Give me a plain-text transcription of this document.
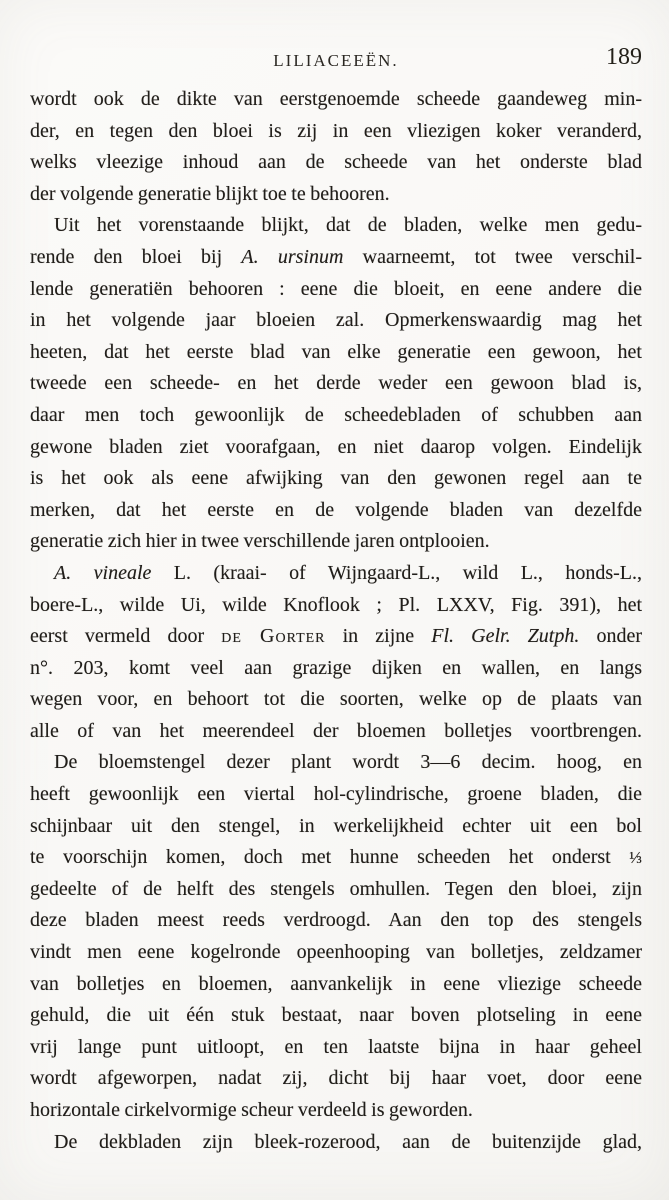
LILIACEEËN.	189
wordt ook de dikte van eerstgenoemde scheede gaandeweg min-
der, en tegen den bloei is zij in een vliezigen koker veranderd,
welks vleezige inhoud aan de scheede van het onderste blad
der volgende generatie blijkt toe te behooren.
Uit het vorenstaande blijkt, dat de bladen, welke men gedu-
rende den bloei bij A. ursinum waarneemt, tot twee verschil-
lende generatiën behooren : eene die bloeit, en eene andere die
in het volgende jaar bloeien zal. Opmerkenswaardig mag het
heeten, dat het eerste blad van elke generatie een gewoon, het
tweede een scheede- en het derde weder een gewoon blad is,
daar men toch gewoonlijk de scheedebladen of schubben aan
gewone bladen ziet voorafgaan, en niet daarop volgen. Eindelijk
is het ook als eene afwijking van den gewonen regel aan te
merken, dat het eerste en de volgende bladen van dezelfde
generatie zich hier in twee verschillende jaren ontplooien.
A. vineale L. (kraai- of Wijngaard-L., wild L., honds-L.,
boere-L., wilde Ui, wilde Knoflook ; Pl. LXXV, Fig. 391), het
eerst vermeld door de Gorter in zijne Fl. Gelr. Zutph. onder
n°. 203, komt veel aan grazige dijken en wallen, en langs
wegen voor, en behoort tot die soorten, welke op de plaats van
alle of van het meerendeel der bloemen bolletjes voortbrengen.
De bloemstengel dezer plant wordt 3—6 decim. hoog, en
heeft gewoonlijk een viertal hol-cylindrische, groene bladen, die
schijnbaar uit den stengel, in werkelijkheid echter uit een bol
te voorschijn komen, doch met hunne scheeden het onderst ⅓
gedeelte of de helft des stengels omhullen. Tegen den bloei, zijn
deze bladen meest reeds verdroogd. Aan den top des stengels
vindt men eene kogelronde opeenhooping van bolletjes, zeldzamer
van bolletjes en bloemen, aanvankelijk in eene vliezige scheede
gehuld, die uit één stuk bestaat, naar boven plotseling in eene
vrij lange punt uitloopt, en ten laatste bijna in haar geheel
wordt afgeworpen, nadat zij, dicht bij haar voet, door eene
horizontale cirkelvormige scheur verdeeld is geworden.
De dekbladen zijn bleek-rozerood, aan de buitenzijde glad,
